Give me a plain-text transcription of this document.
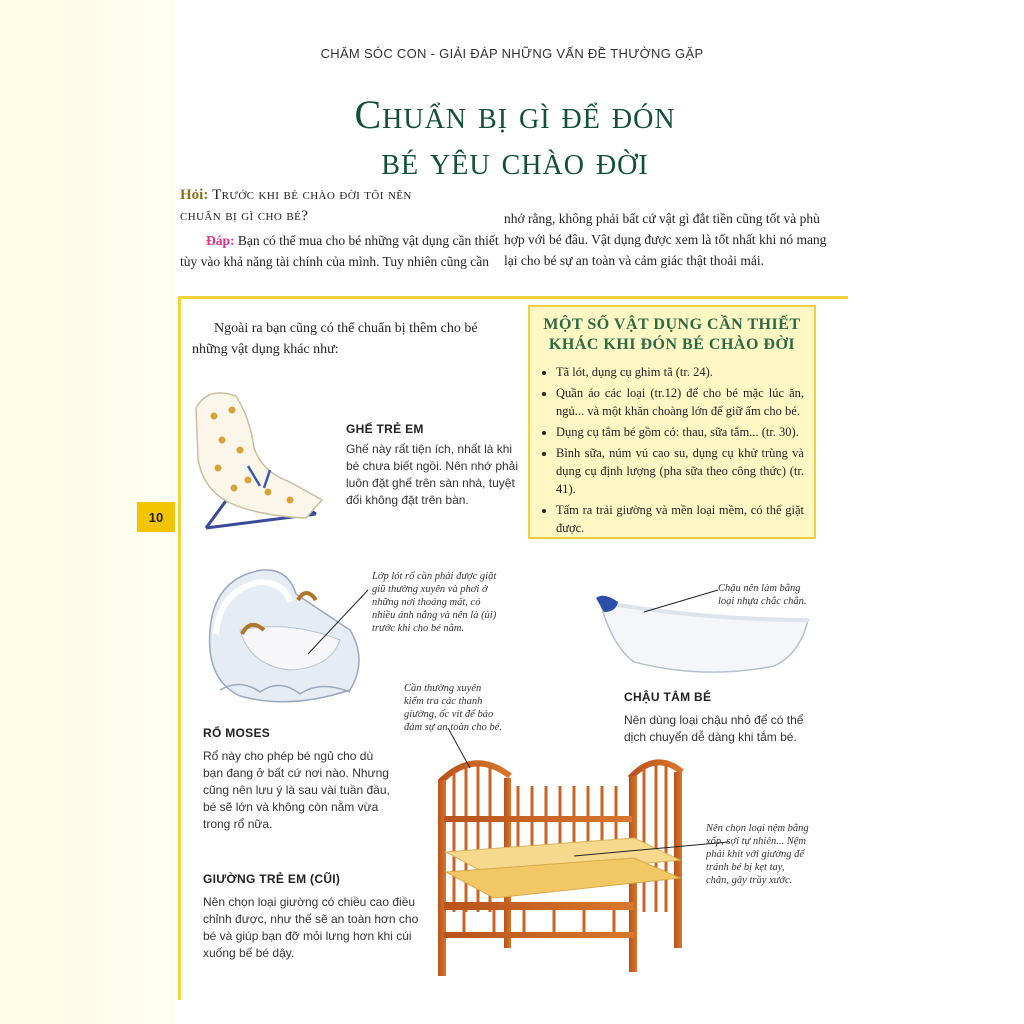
CHĂM SÓC CON - GIẢI ĐÁP NHỮNG VẤN ĐỀ THƯỜNG GẶP
Chuẩn bị gì để đón
bé yêu chào đời
Hỏi: Trước khi bé chào đời tôi nên
chuẩn bị gì cho bé?
Đáp: Bạn có thể mua cho bé những vật dụng cần thiết
tùy vào khả năng tài chính của mình. Tuy nhiên cũng cần
nhớ rằng, không phải bất cứ vật gì đắt tiền cũng tốt và phù
hợp với bé đâu. Vật dụng được xem là tốt nhất khi nó mang
lại cho bé sự an toàn và cảm giác thật thoải mái.
10
Ngoài ra bạn cũng có thể chuẩn bị thêm cho bé
những vật dụng khác như:
MỘT SỐ VẬT DỤNG CẦN THIẾT
KHÁC KHI ĐÓN BÉ CHÀO ĐỜI
• Tã lót, dụng cụ ghim tã (tr. 24).
• Quần áo các loại (tr.12) để cho bé mặc lúc ăn, ngủ... và một khăn choàng lớn để giữ ấm cho bé.
• Dụng cụ tắm bé gồm có: thau, sữa tắm... (tr. 30).
• Bình sữa, núm vú cao su, dụng cụ khử trùng và dụng cụ định lượng (pha sữa theo công thức) (tr. 41).
• Tấm ra trải giường và mền loại mềm, có thể giặt được.
GHẾ TRẺ EM
Ghế này rất tiện ích, nhất là khi
bé chưa biết ngồi. Nên nhớ phải
luôn đặt ghế trên sàn nhà, tuyệt
đối không đặt trên bàn.
Lớp lót rổ cần phải được giặt
giũ thường xuyên và phơi ở
những nơi thoáng mát, có
nhiều ánh nắng và nên là (ủi)
trước khi cho bé nằm.
RỔ MOSES
Rổ này cho phép bé ngủ cho dù
bạn đang ở bất cứ nơi nào. Nhưng
cũng nên lưu ý là sau vài tuần đầu,
bé sẽ lớn và không còn nằm vừa
trong rổ nữa.
GIƯỜNG TRẺ EM (CŨI)
Nên chọn loại giường có chiều cao điều
chỉnh được, như thế sẽ an toàn hơn cho
bé và giúp bạn đỡ mỏi lưng hơn khi cúi
xuống bế bé dậy.
Cần thường xuyên
kiểm tra các thanh
giường, ốc vít để bảo
đảm sự an toàn cho bé.
Nên chọn loại nệm bằng
xốp, sợi tự nhiên... Nệm
phải khít với giường để
tránh bé bị kẹt tay,
chân, gây trầy xước.
Chậu nên làm bằng
loại nhựa chắc chắn.
CHẬU TẮM BÉ
Nên dùng loại chậu nhỏ để có thể
dịch chuyển dễ dàng khi tắm bé.
